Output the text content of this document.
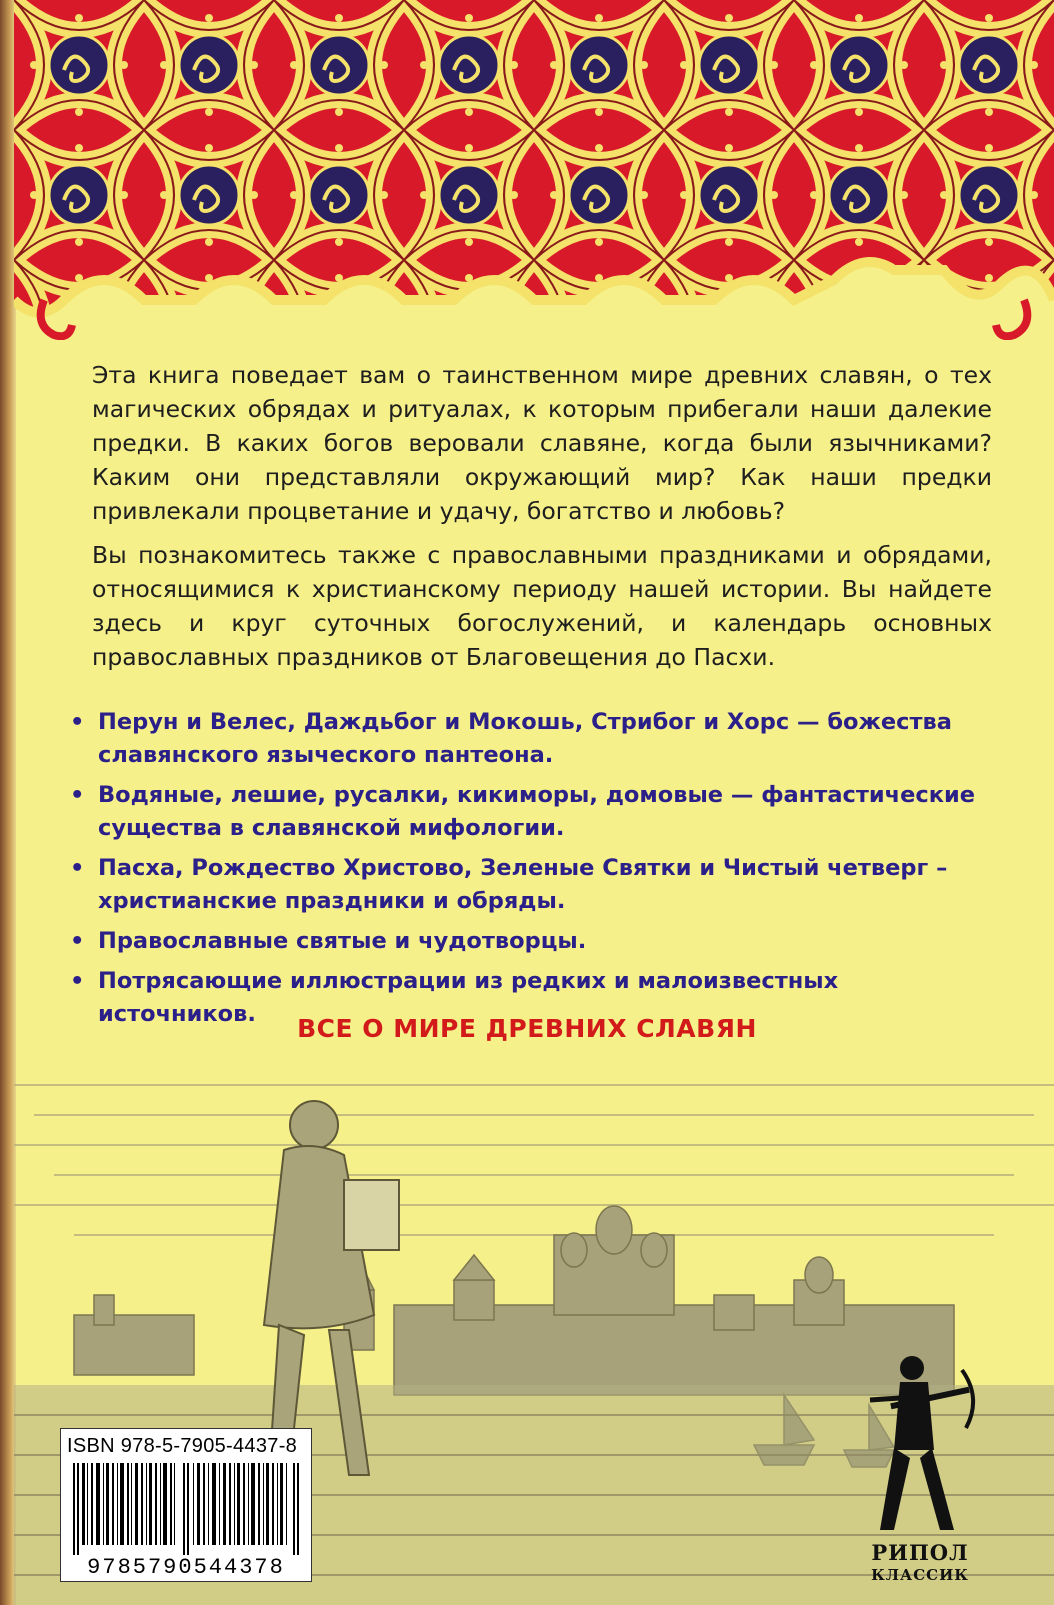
Эта книга поведает вам о таинственном мире древних славян, о тех магических обрядах и ритуалах, к которым прибегали наши далекие предки. В каких богов веровали славяне, когда были язычниками? Каким они представляли окружающий мир? Как наши предки привлекали процветание и удачу, богатство и любовь?

Вы познакомитесь также с православными праздниками и обрядами, относящимися к христианскому периоду нашей истории. Вы найдете здесь и круг суточных богослужений, и календарь основных православных праздников от Благовещения до Пасхи.

• Перун и Велес, Даждьбог и Мокошь, Стрибог и Хорс — божества славянского языческого пантеона.
• Водяные, лешие, русалки, кикиморы, домовые — фантастические существа в славянской мифологии.
• Пасха, Рождество Христово, Зеленые Святки и Чистый четверг – христианские праздники и обряды.
• Православные святые и чудотворцы.
• Потрясающие иллюстрации из редких и малоизвестных источников.	ВСЕ О МИРЕ ДРЕВНИХ СЛАВЯН
ISBN 978-5-7905-4437-8
9785790544378
РИПОЛ
КЛАССИК
